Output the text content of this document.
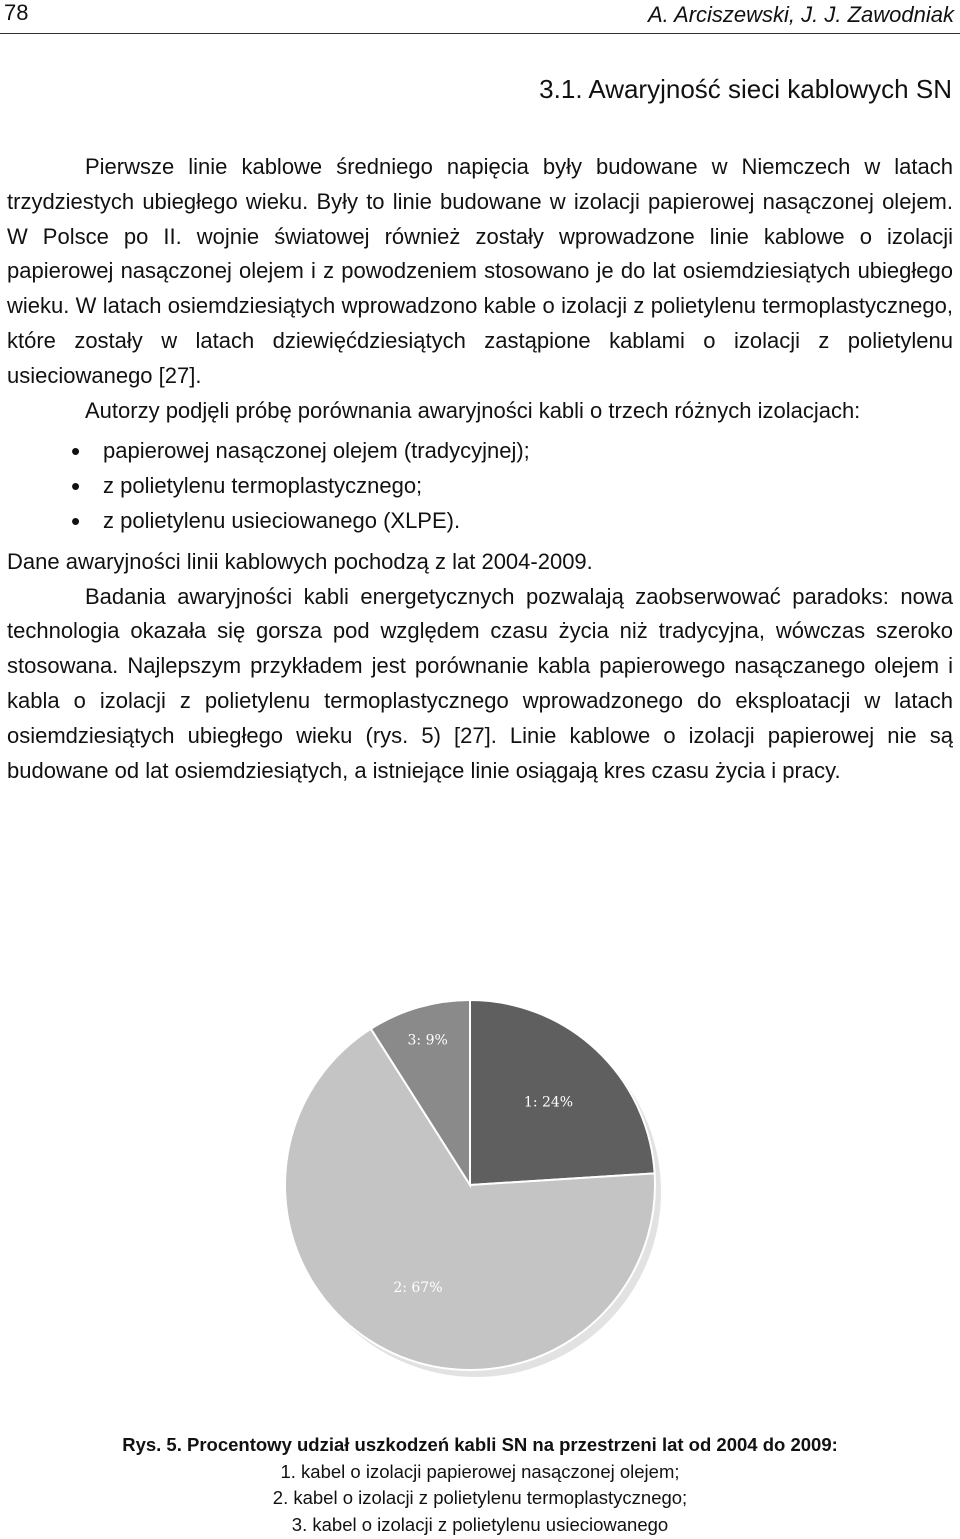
78	A. Arciszewski, J. J. Zawodniak
3.1. Awaryjność sieci kablowych SN

Pierwsze linie kablowe średniego napięcia były budowane w Niemczech w latach trzydziestych ubiegłego wieku. Były to linie budowane w izolacji papierowej nasączonej olejem. W Polsce po II. wojnie światowej również zostały wprowadzone linie kablowe o izolacji papierowej nasączonej olejem i z powodzeniem stosowano je do lat osiemdziesiątych ubiegłego wieku. W latach osiemdziesiątych wprowadzono kable o izolacji z polietylenu termoplastycznego, które zostały w latach dziewięćdziesiątych zastąpione kablami o izolacji z polietylenu usieciowanego [27].

Autorzy podjęli próbę porównania awaryjności kabli o trzech różnych izolacjach:

• papierowej nasączonej olejem (tradycyjnej);
• z polietylenu termoplastycznego;
• z polietylenu usieciowanego (XLPE).

Dane awaryjności linii kablowych pochodzą z lat 2004-2009.

Badania awaryjności kabli energetycznych pozwalają zaobserwować paradoks: nowa technologia okazała się gorsza pod względem czasu życia niż tradycyjna, wówczas szeroko stosowana. Najlepszym przykładem jest porównanie kabla papierowego nasączanego olejem i kabla o izolacji z polietylenu termoplastycznego wprowadzonego do eksploatacji w latach osiemdziesiątych ubiegłego wieku (rys. 5) [27]. Linie kablowe o izolacji papierowej nie są budowane od lat osiemdziesiątych, a istniejące linie osiągają kres czasu życia i pracy.

1: 24%
2: 67%
3: 9%
Rys. 5. Procentowy udział uszkodzeń kabli SN na przestrzeni lat od 2004 do 2009:
1. kabel o izolacji papierowej nasączonej olejem;
2. kabel o izolacji z polietylenu termoplastycznego;
3. kabel o izolacji z polietylenu usieciowanego
